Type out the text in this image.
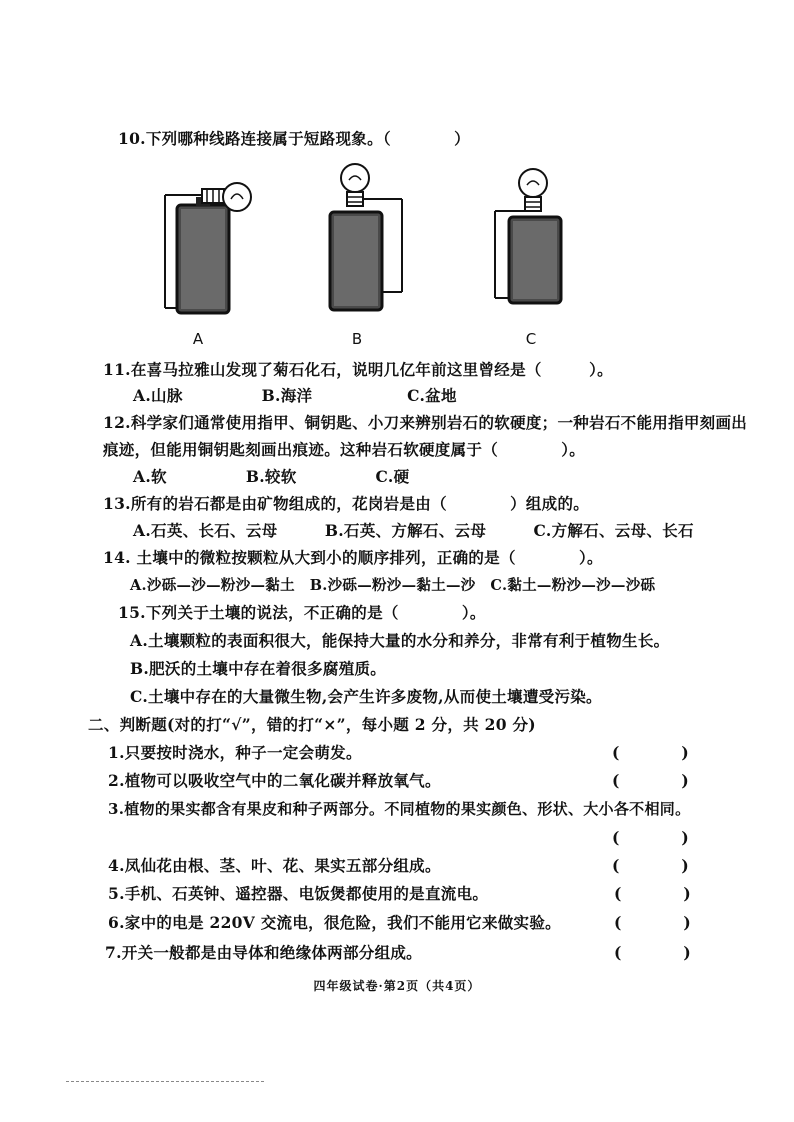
10.下列哪种线路连接属于短路现象。（　　　　）
A	B	C
11.在喜马拉雅山发现了菊石化石，说明几亿年前这里曾经是（　　　）。
A.山脉　　　　　B.海洋　　　　　　C.盆地
12.科学家们通常使用指甲、铜钥匙、小刀来辨别岩石的软硬度；一种岩石不能用指甲刻画出
痕迹，但能用铜钥匙刻画出痕迹。这种岩石软硬度属于（　　　　）。
A.软　　　　　B.较软　　　　　C.硬
13.所有的岩石都是由矿物组成的，花岗岩是由（　　　　）组成的。
A.石英、长石、云母　　　B.石英、方解石、云母　　　C.方解石、云母、长石
14. 土壤中的微粒按颗粒从大到小的顺序排列，正确的是（　　　　）。
A.沙砾—沙—粉沙—黏土　B.沙砾—粉沙—黏土—沙　C.黏土—粉沙—沙—沙砾
15.下列关于土壤的说法，不正确的是（　　　　）。
A.土壤颗粒的表面积很大，能保持大量的水分和养分，非常有利于植物生长。
B.肥沃的土壤中存在着很多腐殖质。
C.土壤中存在的大量微生物,会产生许多废物,从而使土壤遭受污染。
二、判断题(对的打“√”，错的打“×”，每小题 2 分，共 20 分)
1.只要按时浇水，种子一定会萌发。	(　　　　)
2.植物可以吸收空气中的二氧化碳并释放氧气。	(　　　　)
3.植物的果实都含有果皮和种子两部分。不同植物的果实颜色、形状、大小各不相同。
(　　　　)
4.凤仙花由根、茎、叶、花、果实五部分组成。	(　　　　)
5.手机、石英钟、遥控器、电饭煲都使用的是直流电。	(　　　　)
6.家中的电是 220V 交流电，很危险，我们不能用它来做实验。	(　　　　)
7.开关一般都是由导体和绝缘体两部分组成。	(　　　　)
四年级试卷·第2页（共4页）
